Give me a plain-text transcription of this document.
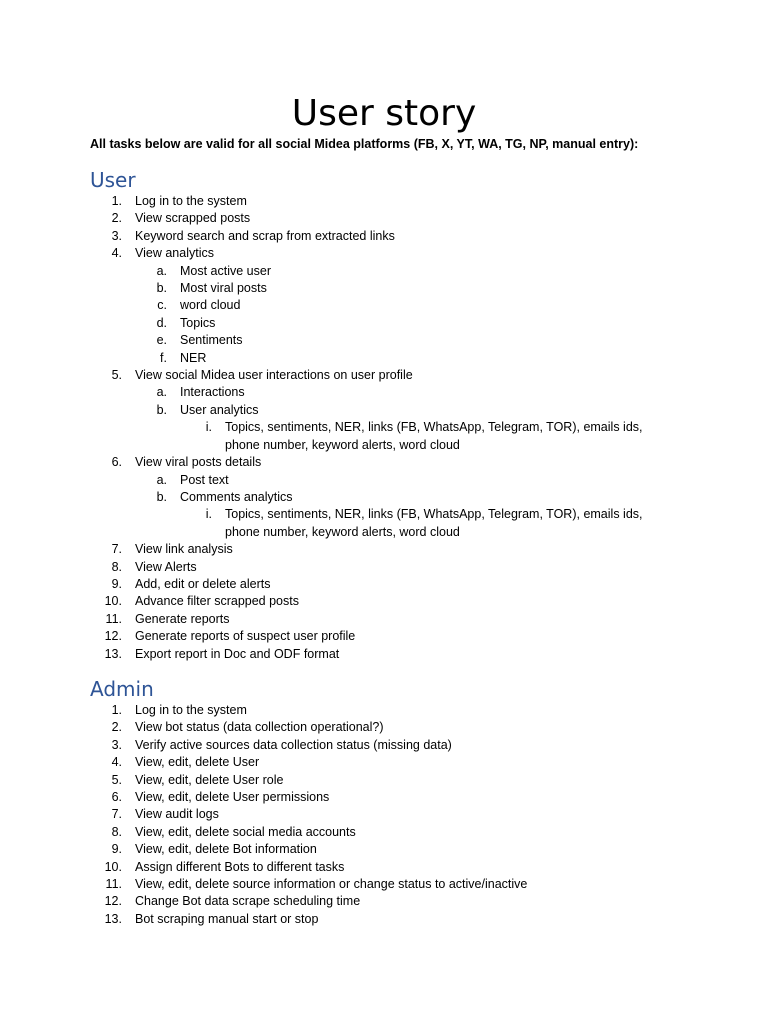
User story

All tasks below are valid for all social Midea platforms (FB, X, YT, WA, TG, NP, manual entry):

User
1. Log in to the system
2. View scrapped posts
3. Keyword search and scrap from extracted links
4. View analytics
a. Most active user
b. Most viral posts
c. word cloud
d. Topics
e. Sentiments
f. NER
5. View social Midea user interactions on user profile
a. Interactions
b. User analytics
i. Topics, sentiments, NER, links (FB, WhatsApp, Telegram, TOR), emails ids, phone number, keyword alerts, word cloud
6. View viral posts details
a. Post text
b. Comments analytics
i. Topics, sentiments, NER, links (FB, WhatsApp, Telegram, TOR), emails ids, phone number, keyword alerts, word cloud
7. View link analysis
8. View Alerts
9. Add, edit or delete alerts
10. Advance filter scrapped posts
11. Generate reports
12. Generate reports of suspect user profile
13. Export report in Doc and ODF format
Admin
1. Log in to the system
2. View bot status (data collection operational?)
3. Verify active sources data collection status (missing data)
4. View, edit, delete User
5. View, edit, delete User role
6. View, edit, delete User permissions
7. View audit logs
8. View, edit, delete social media accounts
9. View, edit, delete Bot information
10. Assign different Bots to different tasks
11. View, edit, delete source information or change status to active/inactive
12. Change Bot data scrape scheduling time
13. Bot scraping manual start or stop
